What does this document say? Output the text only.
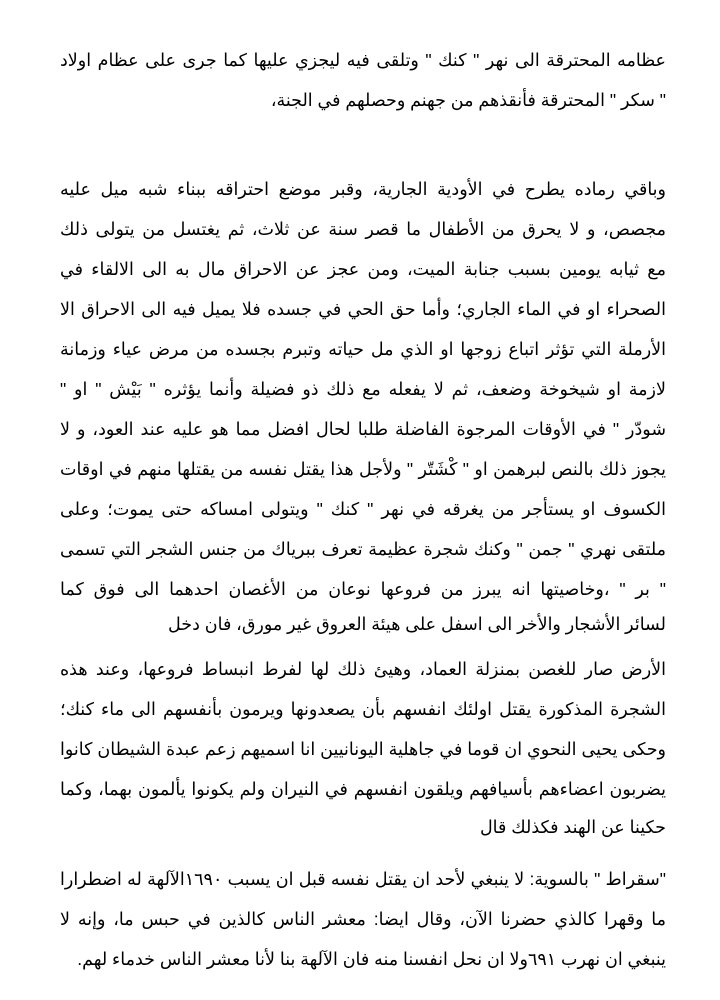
عظامه المحترقة الى نهر " كنك " وتلقى فيه ليجزي عليها كما جرى على عظام اولاد
" سكر " المحترقة فأنقذهم من جهنم وحصلهم في الجنة،
وباقي رماده يطرح في الأودية الجارية، وقبر موضع احتراقه ببناء شبه ميل عليه
مجصص، و لا يحرق من الأطفال ما قصر سنة عن ثلاث، ثم يغتسل من يتولى ذلك
مع ثيابه يومين بسبب جنابة الميت، ومن عجز عن الاحراق مال به الى الالقاء في
الصحراء او في الماء الجاري؛ وأما حق الحي في جسده فلا يميل فيه الى الاحراق الا
الأرملة التي تؤثر اتباع زوجها او الذي مل حياته وتبرم بجسده من مرض عياء وزمانة
لازمة او شيخوخة وضعف، ثم لا يفعله مع ذلك ذو فضيلة وأنما يؤثره " بَيْش " او "
شودّر " في الأوقات المرجوة الفاضلة طلبا لحال افضل مما هو عليه عند العود، و لا
يجوز ذلك بالنص لبرهمن او " كْشَتّر " ولأجل هذا يقتل نفسه من يقتلها منهم في اوقات
الكسوف او يستأجر من يغرقه في نهر " كنك " ويتولى امساكه حتى يموت؛ وعلى
ملتقى نهري " جمن " وكنك شجرة عظيمة تعرف ببرياك من جنس الشجر التي تسمى
" بر " ،وخاصيتها انه يبرز من فروعها نوعان من الأغصان احدهما الى فوق كما
لسائر الأشجار والأخر الى اسفل على هيئة العروق غير مورق، فان دخل
الأرض صار للغصن بمنزلة العماد، وهيئ ذلك لها لفرط انبساط فروعها، وعند هذه
الشجرة المذكورة يقتل اولئك انفسهم بأن يصعدونها ويرمون بأنفسهم الى ماء كنك؛
وحكى يحيى النحوي ان قوما في جاهلية اليونانيين انا اسميهم زعم عبدة الشيطان كانوا
يضربون اعضاءهم بأسيافهم ويلقون انفسهم في النيران ولم يكونوا يألمون بهما، وكما
حكينا عن الهند فكذلك قال
"سقراط " بالسوية: لا ينبغي لأحد ان يقتل نفسه قبل ان يسبب ١٦٩٠الآلهة له اضطرارا
ما وقهرا كالذي حضرنا الآن، وقال ايضا: معشر الناس كالذين في حبس ما، وإنه لا
ينبغي ان نهرب ٦٩١ولا ان نحل انفسنا منه فان الآلهة بنا لأنا معشر الناس خدماء لهم.
